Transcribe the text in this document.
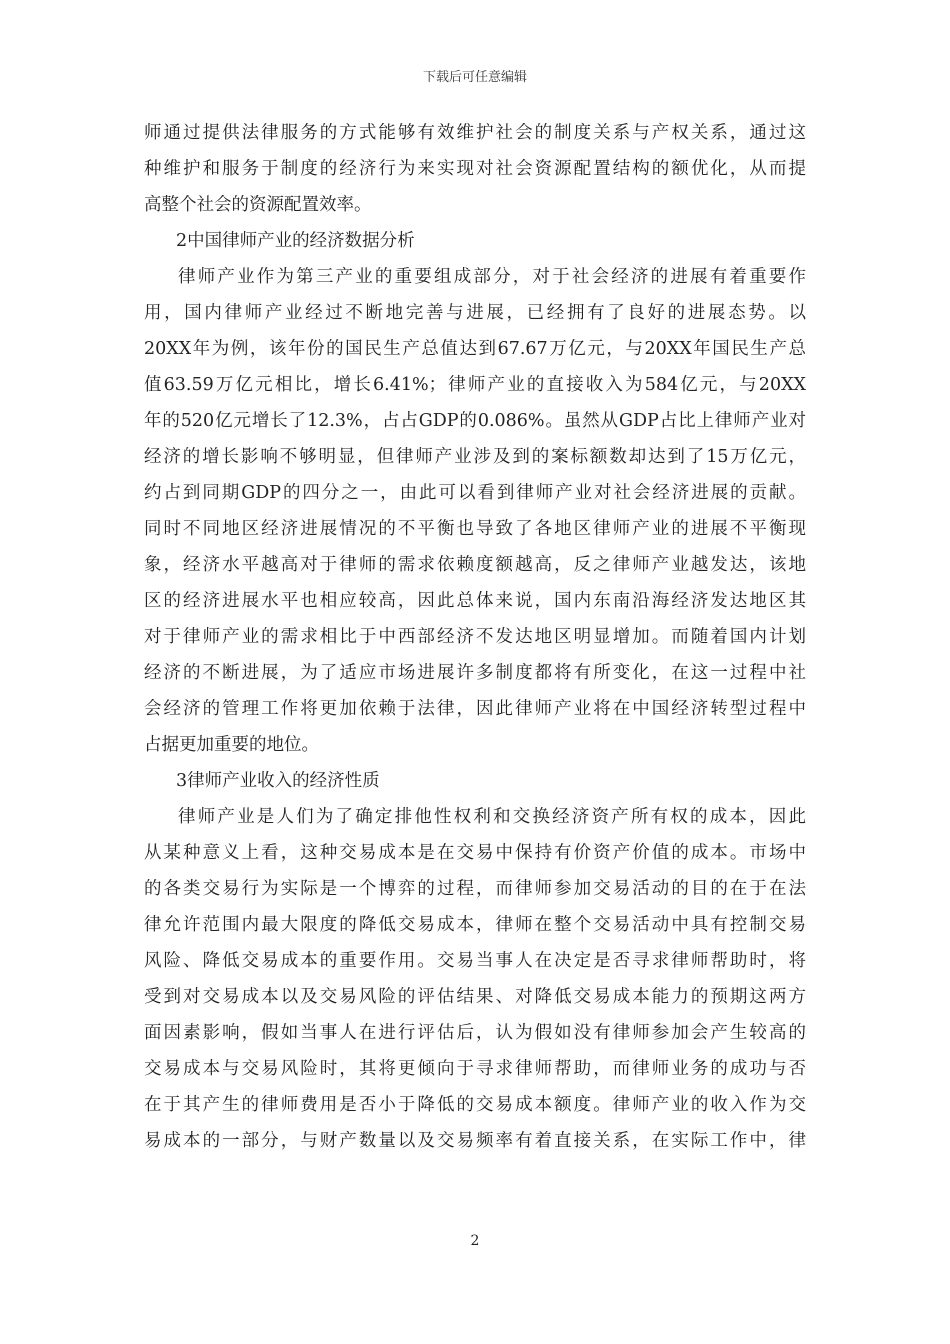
下载后可任意编辑
师通过提供法律服务的方式能够有效维护社会的制度关系与产权关系，通过这
种维护和服务于制度的经济行为来实现对社会资源配置结构的额优化，从而提
高整个社会的资源配置效率。
2中国律师产业的经济数据分析
律师产业作为第三产业的重要组成部分，对于社会经济的进展有着重要作
用，国内律师产业经过不断地完善与进展，已经拥有了良好的进展态势。以
20XX年为例，该年份的国民生产总值达到67.67万亿元，与20XX年国民生产总
值63.59万亿元相比，增长6.41%；律师产业的直接收入为584亿元，与20XX
年的520亿元增长了12.3%，占占GDP的0.086%。虽然从GDP占比上律师产业对
经济的增长影响不够明显，但律师产业涉及到的案标额数却达到了15万亿元，
约占到同期GDP的四分之一，由此可以看到律师产业对社会经济进展的贡献。
同时不同地区经济进展情况的不平衡也导致了各地区律师产业的进展不平衡现
象，经济水平越高对于律师的需求依赖度额越高，反之律师产业越发达，该地
区的经济进展水平也相应较高，因此总体来说，国内东南沿海经济发达地区其
对于律师产业的需求相比于中西部经济不发达地区明显增加。而随着国内计划
经济的不断进展，为了适应市场进展许多制度都将有所变化，在这一过程中社
会经济的管理工作将更加依赖于法律，因此律师产业将在中国经济转型过程中
占据更加重要的地位。
3律师产业收入的经济性质
律师产业是人们为了确定排他性权利和交换经济资产所有权的成本，因此
从某种意义上看，这种交易成本是在交易中保持有价资产价值的成本。市场中
的各类交易行为实际是一个博弈的过程，而律师参加交易活动的目的在于在法
律允许范围内最大限度的降低交易成本，律师在整个交易活动中具有控制交易
风险、降低交易成本的重要作用。交易当事人在决定是否寻求律师帮助时，将
受到对交易成本以及交易风险的评估结果、对降低交易成本能力的预期这两方
面因素影响，假如当事人在进行评估后，认为假如没有律师参加会产生较高的
交易成本与交易风险时，其将更倾向于寻求律师帮助，而律师业务的成功与否
在于其产生的律师费用是否小于降低的交易成本额度。律师产业的收入作为交
易成本的一部分，与财产数量以及交易频率有着直接关系，在实际工作中，律
2
